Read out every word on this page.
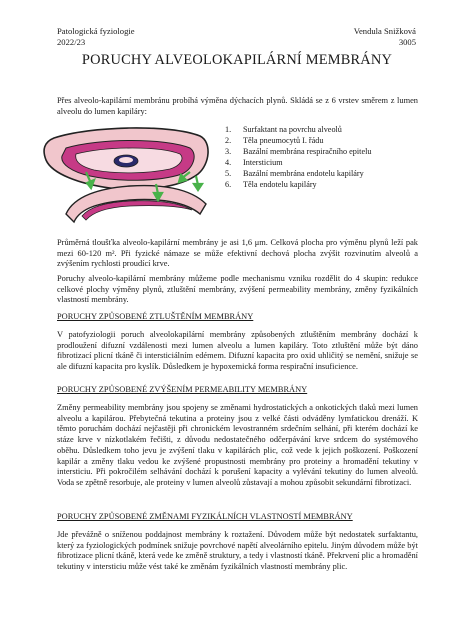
Patologická fyziologie
2022/23
Vendula Snižková
3005
PORUCHY ALVEOLOKAPILÁRNÍ MEMBRÁNY
Přes alveolo-kapilární membránu probíhá výměna dýchacích plynů. Skládá se z 6 vrstev směrem z lumen alveolu do lumen kapiláry:
1.	Surfaktant na povrchu alveolů
2.	Těla pneumocytů I. řádu
3.	Bazální membrána respiračního epitelu
4.	Intersticium
5.	Bazální membrána endotelu kapiláry
6.	Těla endotelu kapiláry
Průměrná tloušťka alveolo-kapilární membrány je asi 1,6 μm. Celková plocha pro výměnu plynů leží pak mezi 60-120 m². Při fyzické námaze se může efektivní dechová plocha zvýšit rozvinutím alveolů a zvýšením rychlosti proudící krve.
Poruchy alveolo-kapilární membrány můžeme podle mechanismu vzniku rozdělit do 4 skupin: redukce celkové plochy výměny plynů, ztluštění membrány, zvýšení permeability membrány, změny fyzikálních vlastností membrány.
PORUCHY ZPŮSOBENÉ ZTLUŠTĚNÍM MEMBRÁNY
V patofyziologii poruch alveolokapilární membrány způsobených ztluštěním membrány dochází k prodloužení difuzní vzdálenosti mezi lumen alveolu a lumen kapiláry. Toto ztluštění může být dáno fibrotizací plicní tkáně či intersticiálním edémem. Difuzní kapacita pro oxid uhličitý se nemění, snižuje se ale difuzní kapacita pro kyslík. Důsledkem je hypoxemická forma respirační insuficience.
PORUCHY ZPŮSOBENÉ ZVÝŠENÍM PERMEABILITY MEMBRÁNY
Změny permeability membrány jsou spojeny se změnami hydrostatických a onkotických tlaků mezi lumen alveolu a kapilárou. Přebytečná tekutina a proteiny jsou z velké části odváděny lymfatickou drenáží. K těmto poruchám dochází nejčastěji při chronickém levostranném srdečním selhání, při kterém dochází ke stáze krve v nízkotlakém řečišti, z důvodu nedostatečného odčerpávání krve srdcem do systémového oběhu. Důsledkem toho jevu je zvýšení tlaku v kapilárách plic, což vede k jejich poškození. Poškození kapilár a změny tlaku vedou ke zvýšené propustnosti membrány pro proteiny a hromadění tekutiny v intersticiu. Při pokročilém selhávání dochází k porušení kapacity a vylévání tekutiny do lumen alveolů. Voda se zpětně resorbuje, ale proteiny v lumen alveolů zůstavají a mohou způsobit sekundární fibrotizaci.
PORUCHY ZPŮSOBENÉ ZMĚNAMI FYZIKÁLNÍCH VLASTNOSTÍ MEMBRÁNY
Jde převážně o sníženou poddajnost membrány k roztažení. Důvodem může být nedostatek surfaktantu, který za fyziologických podmínek snižuje povrchové napětí alveolárního epitelu. Jiným důvodem může být fibrotizace plicní tkáně, která vede ke změně struktury, a tedy i vlastností tkáně. Překrvení plic a hromadění tekutiny v intersticiu může vést také ke změnám fyzikálních vlastností membrány plic.
